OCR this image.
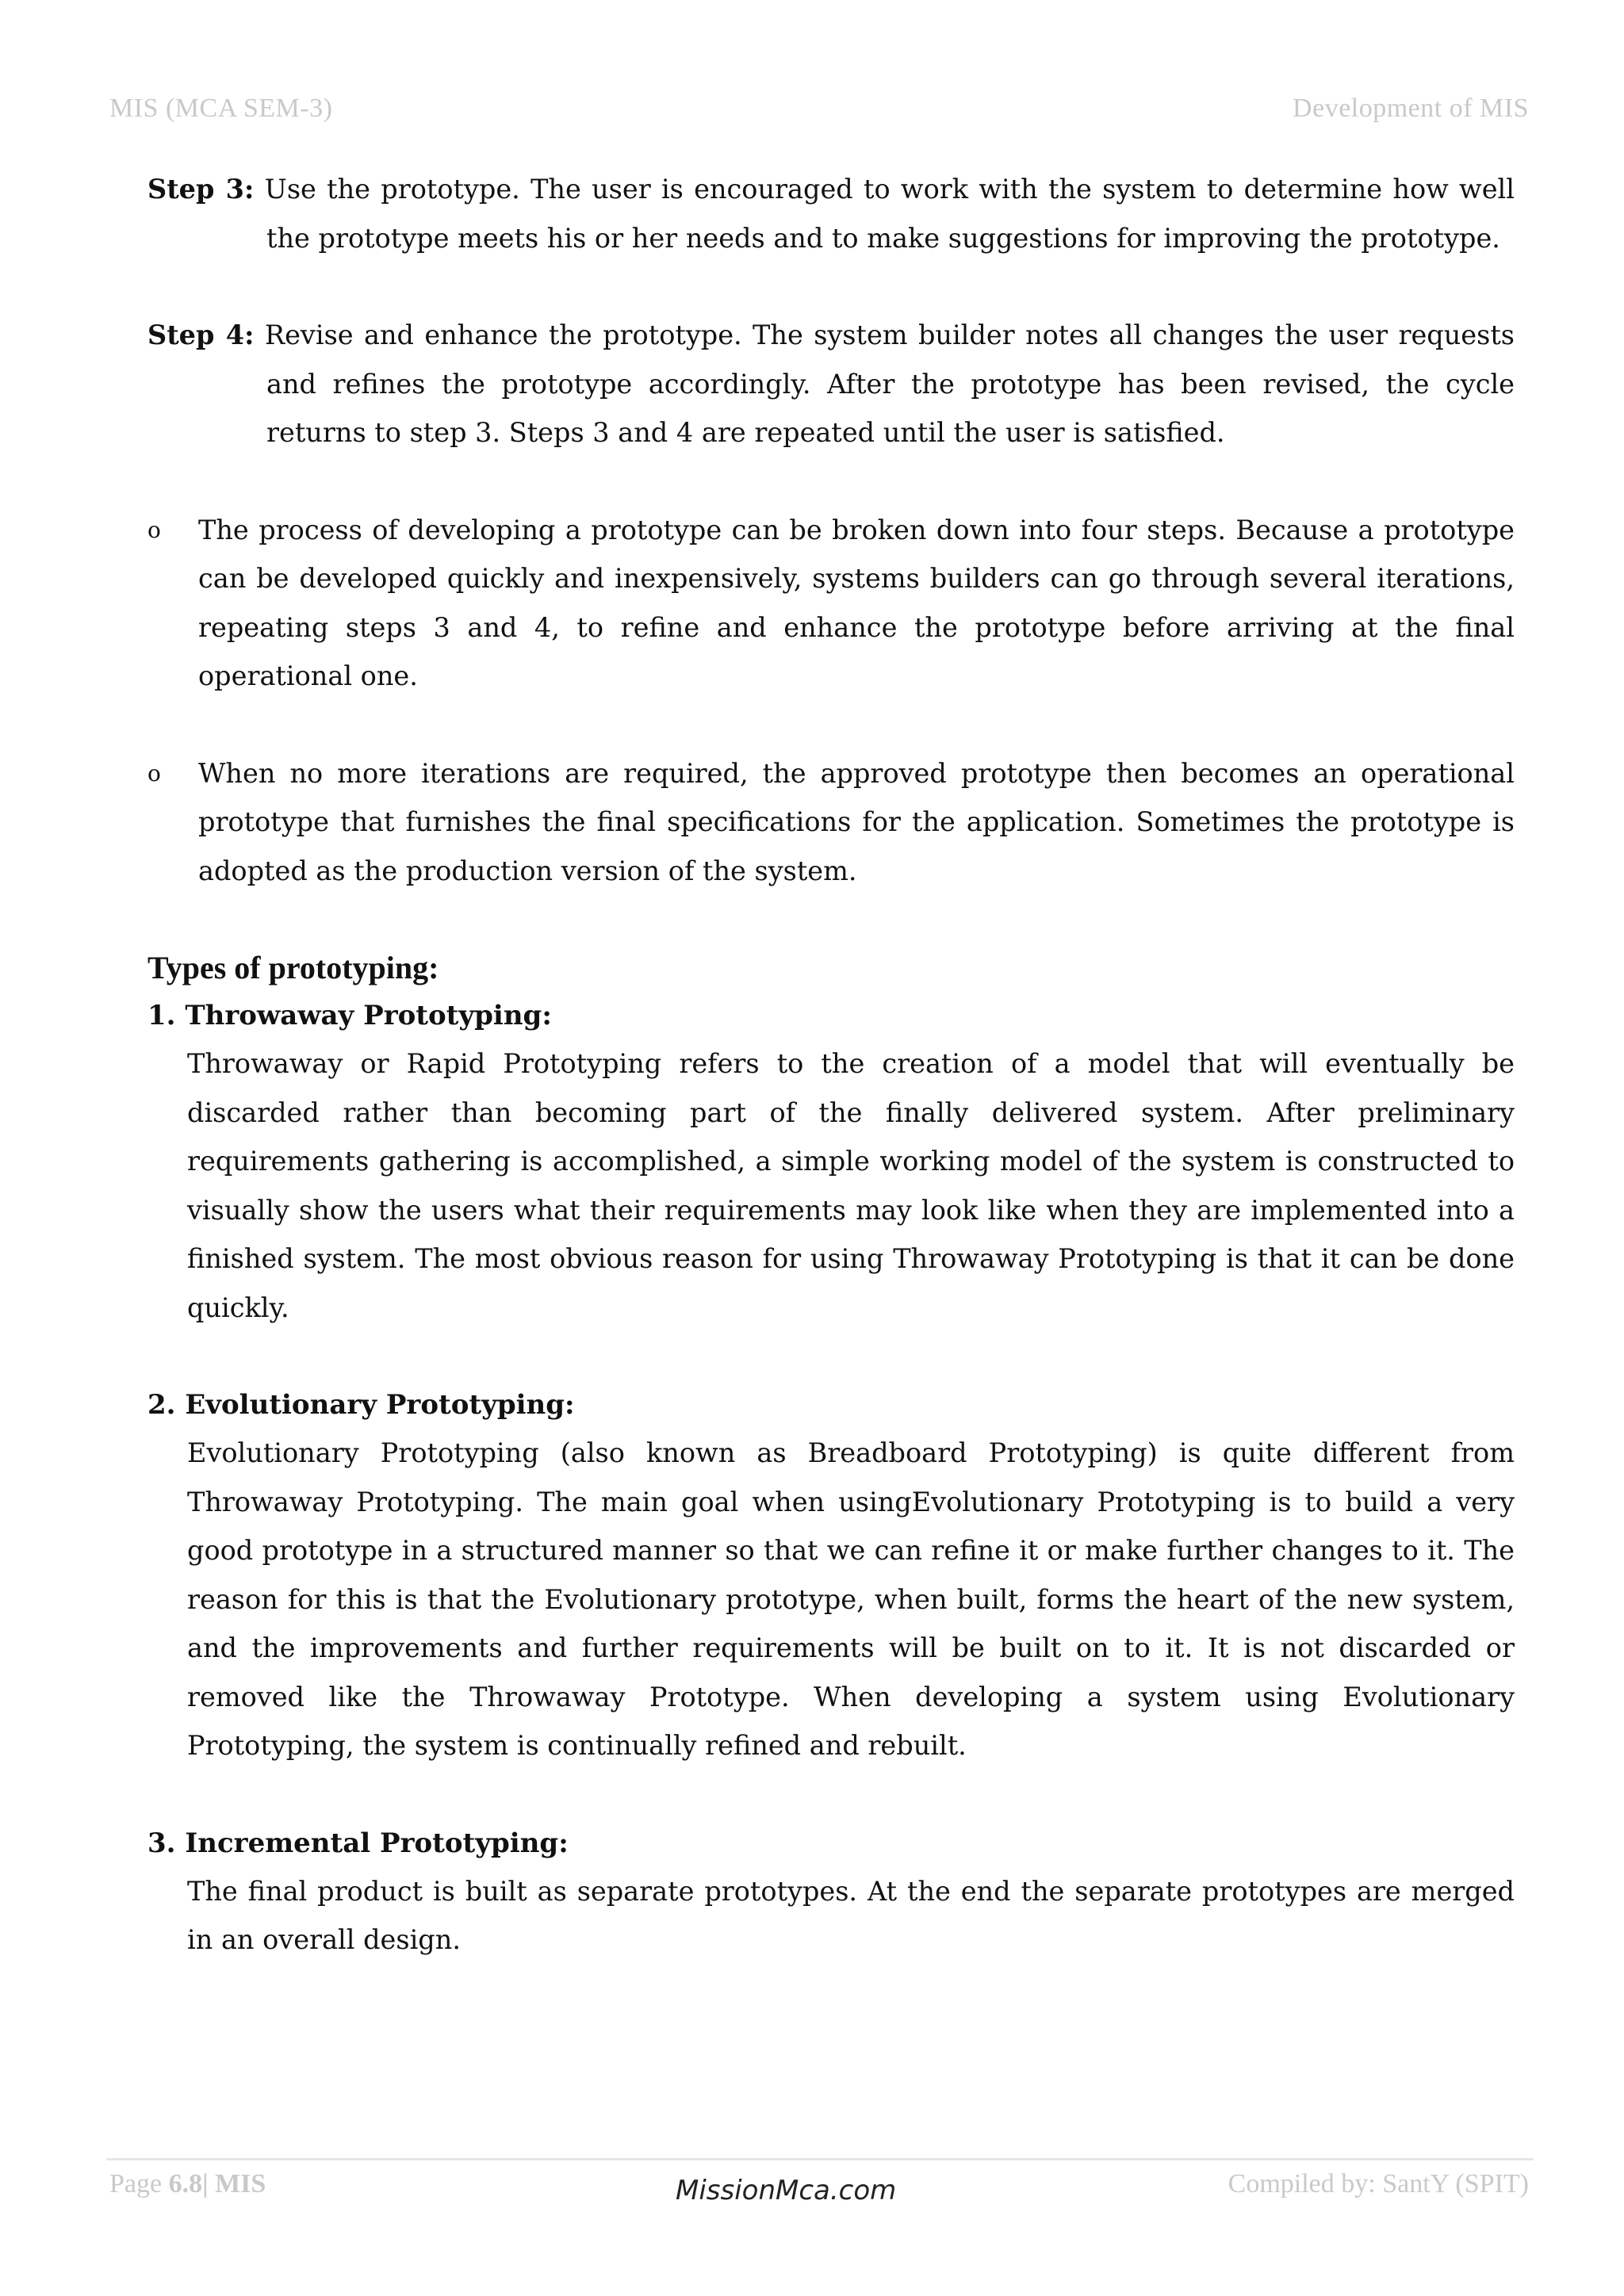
MIS (MCA SEM-3)	Development of MIS
Step 3: Use the prototype. The user is encouraged to work with the system to determine how well
the prototype meets his or her needs and to make suggestions for improving the prototype.
Step 4: Revise and enhance the prototype. The system builder notes all changes the user requests
and refines the prototype accordingly. After the prototype has been revised, the cycle returns to step 3. Steps 3 and 4 are repeated until the user is satisfied.
o The process of developing a prototype can be broken down into four steps. Because a prototype can be developed quickly and inexpensively, systems builders can go through several iterations, repeating steps 3 and 4, to refine and enhance the prototype before arriving at the final operational one.
o When no more iterations are required, the approved prototype then becomes an operational prototype that furnishes the final specifications for the application. Sometimes the prototype is adopted as the production version of the system.
Types of prototyping:
1. Throwaway Prototyping:
Throwaway or Rapid Prototyping refers to the creation of a model that will eventually be discarded rather than becoming part of the finally delivered system. After preliminary requirements gathering is accomplished, a simple working model of the system is constructed to visually show the users what their requirements may look like when they are implemented into a finished system. The most obvious reason for using Throwaway Prototyping is that it can be done quickly.
2. Evolutionary Prototyping:
Evolutionary Prototyping (also known as Breadboard Prototyping) is quite different from Throwaway Prototyping. The main goal when usingEvolutionary Prototyping is to build a very good prototype in a structured manner so that we can refine it or make further changes to it. The reason for this is that the Evolutionary prototype, when built, forms the heart of the new system, and the improvements and further requirements will be built on to it. It is not discarded or removed like the Throwaway Prototype. When developing a system using Evolutionary Prototyping, the system is continually refined and rebuilt.
3. Incremental Prototyping:
The final product is built as separate prototypes. At the end the separate prototypes are merged in an overall design.
Page 6.8| MIS	MissionMca.com	Compiled by: SantY (SPIT)
